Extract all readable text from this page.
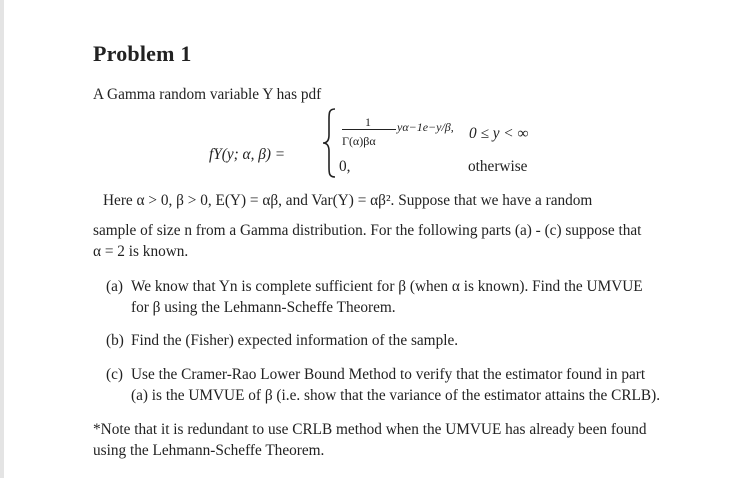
Problem 1
A Gamma random variable Y has pdf
fY(y; α, β) =
1
Γ(α)βα
yα−1e−y/β, 0 ≤ y < ∞
0,	otherwise
Here α > 0, β > 0, E(Y) = αβ, and Var(Y) = αβ². Suppose that we have a random
sample of size n from a Gamma distribution. For the following parts (a) - (c) suppose that
α = 2 is known.
(a) We know that Yn is complete sufficient for β (when α is known). Find the UMVUE
for β using the Lehmann-Scheffe Theorem.
(b) Find the (Fisher) expected information of the sample.
(c) Use the Cramer-Rao Lower Bound Method to verify that the estimator found in part
(a) is the UMVUE of β (i.e. show that the variance of the estimator attains the CRLB).
*Note that it is redundant to use CRLB method when the UMVUE has already been found
using the Lehmann-Scheffe Theorem.
